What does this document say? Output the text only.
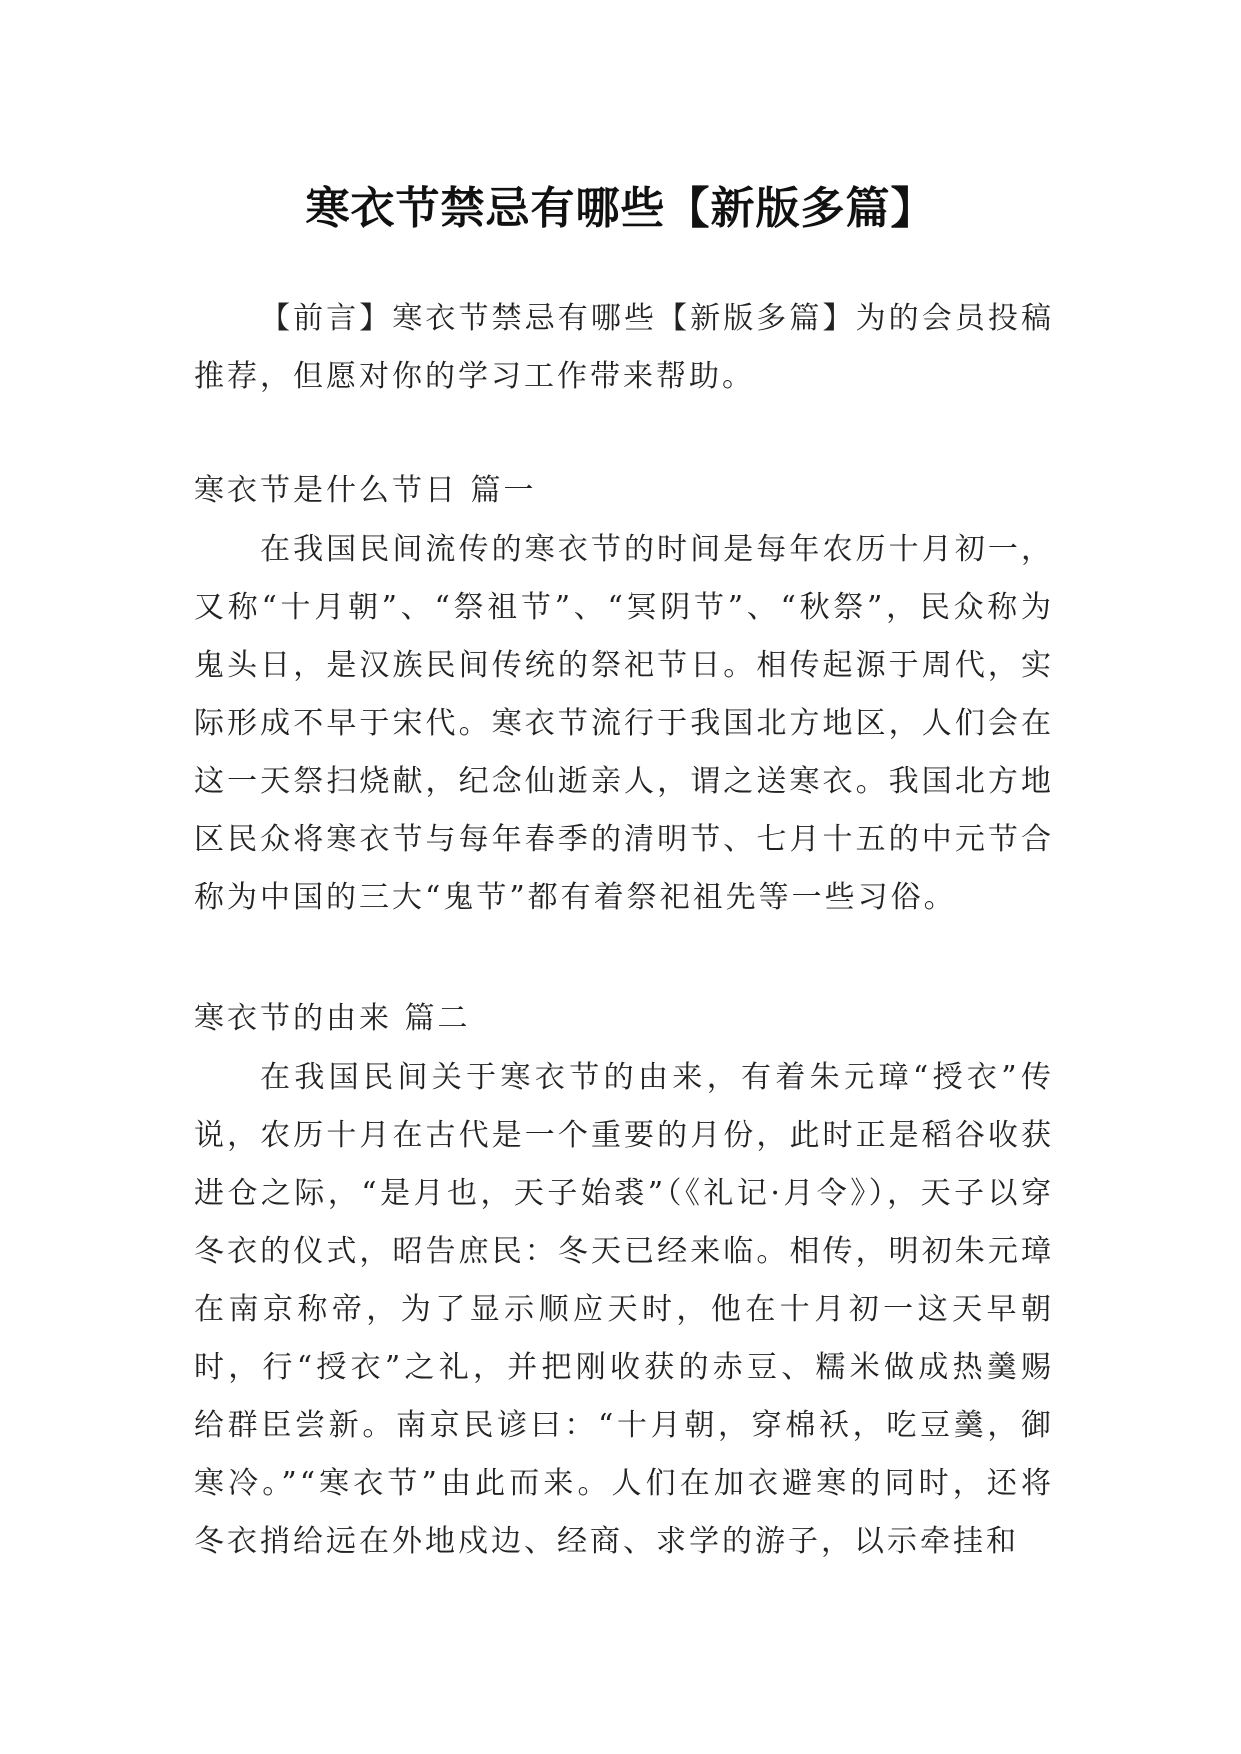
寒衣节禁忌有哪些【新版多篇】

【前言】寒衣节禁忌有哪些【新版多篇】为的会员投稿推荐，但愿对你的学习工作带来帮助。

寒衣节是什么节日 篇一

在我国民间流传的寒衣节的时间是每年农历十月初一，又称“十月朝”、“祭祖节”、“冥阴节”、“秋祭”，民众称为鬼头日，是汉族民间传统的祭祀节日。相传起源于周代，实际形成不早于宋代。寒衣节流行于我国北方地区，人们会在这一天祭扫烧献，纪念仙逝亲人，谓之送寒衣。我国北方地区民众将寒衣节与每年春季的清明节、七月十五的中元节合称为中国的三大“鬼节”都有着祭祀祖先等一些习俗。

寒衣节的由来 篇二

在我国民间关于寒衣节的由来，有着朱元璋“授衣”传说，农历十月在古代是一个重要的月份，此时正是稻谷收获进仓之际，“是月也，天子始裘”（《礼记·月令》），天子以穿冬衣的仪式，昭告庶民：冬天已经来临。相传，明初朱元璋在南京称帝，为了显示顺应天时，他在十月初一这天早朝时，行“授衣”之礼，并把刚收获的赤豆、糯米做成热羹赐给群臣尝新。南京民谚曰：“十月朝，穿棉袄，吃豆羹，御寒冷。”“寒衣节”由此而来。人们在加衣避寒的同时，还将冬衣捎给远在外地戍边、经商、求学的游子，以示牵挂和
